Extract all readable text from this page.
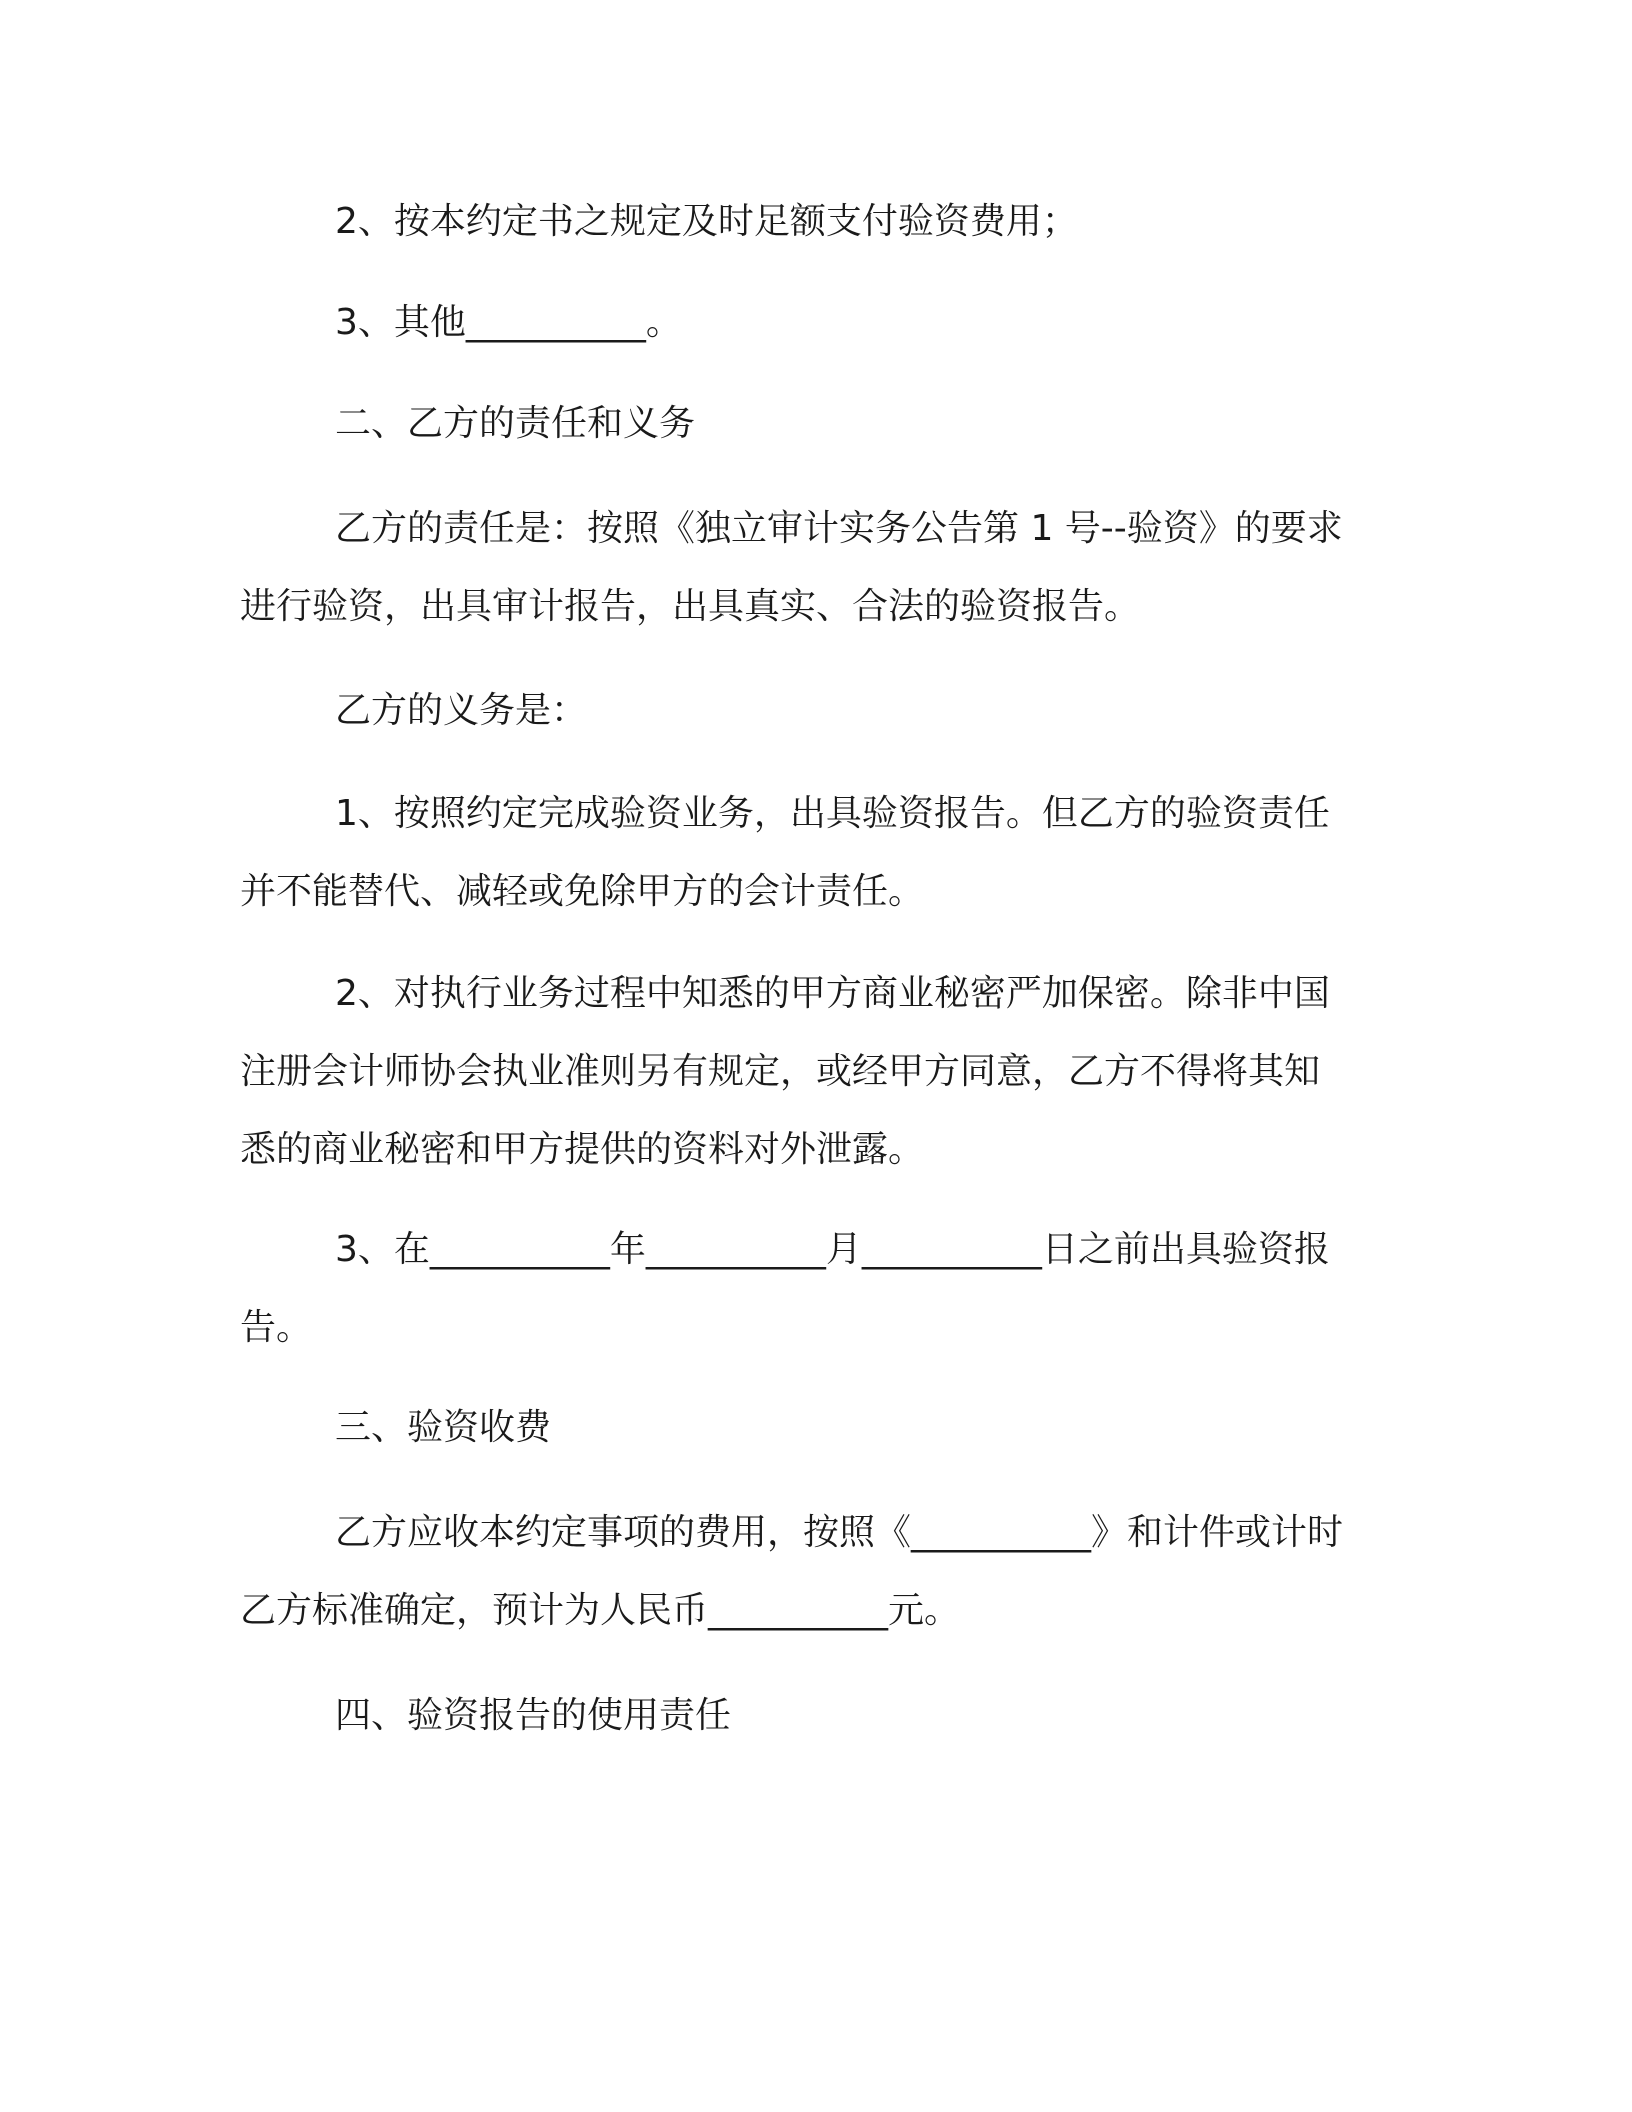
2、按本约定书之规定及时足额支付验资费用；

3、其他__________。

二、乙方的责任和义务

乙方的责任是：按照《独立审计实务公告第 1 号--验资》的要求
进行验资，出具审计报告，出具真实、合法的验资报告。

乙方的义务是：

1、按照约定完成验资业务，出具验资报告。但乙方的验资责任
并不能替代、减轻或免除甲方的会计责任。

2、对执行业务过程中知悉的甲方商业秘密严加保密。除非中国
注册会计师协会执业准则另有规定，或经甲方同意，乙方不得将其知
悉的商业秘密和甲方提供的资料对外泄露。

3、在__________年__________月__________日之前出具验资报
告。

三、验资收费

乙方应收本约定事项的费用，按照《__________》和计件或计时
乙方标准确定，预计为人民币__________元。

四、验资报告的使用责任
